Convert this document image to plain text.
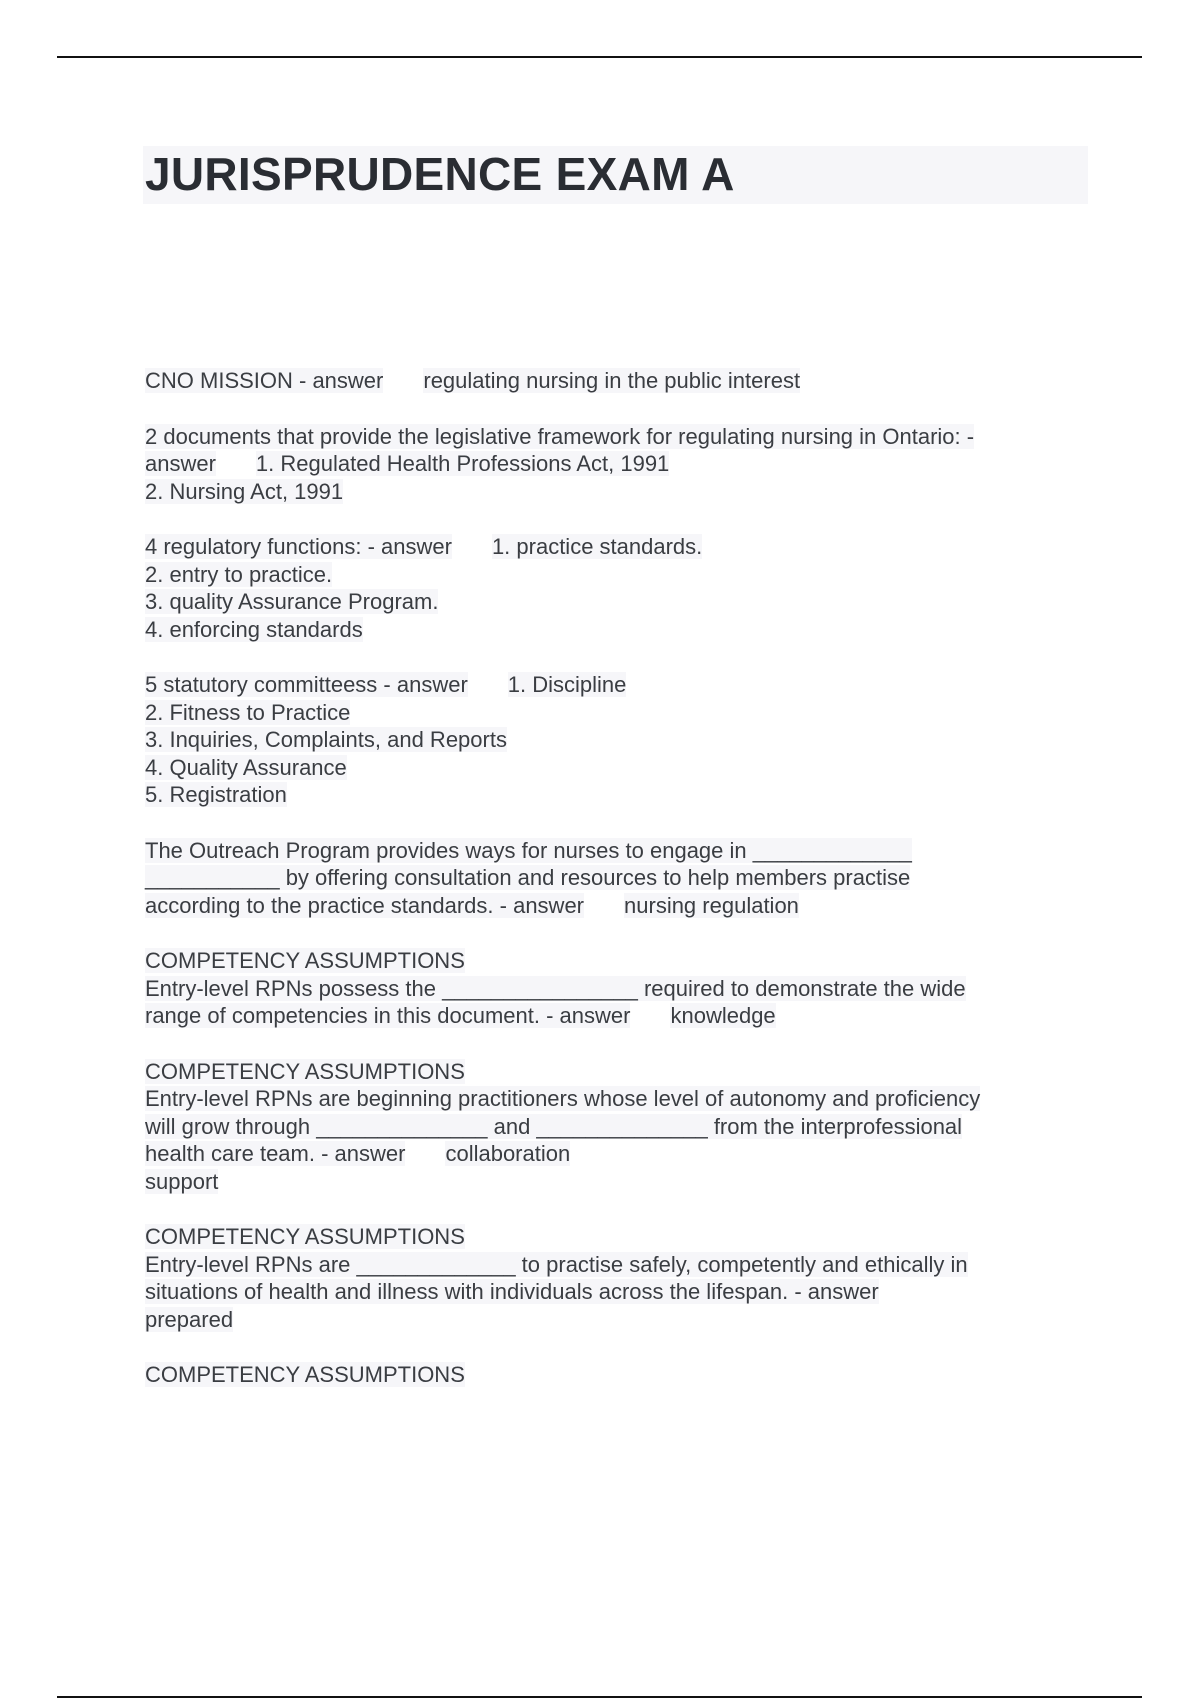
JURISPRUDENCE EXAM A
CNO MISSION - answer regulating nursing in the public interest
2 documents that provide the legislative framework for regulating nursing in Ontario: -
answer 1. Regulated Health Professions Act, 1991
2. Nursing Act, 1991
4 regulatory functions: - answer 1. practice standards.
2. entry to practice.
3. quality Assurance Program.
4. enforcing standards
5 statutory committeess - answer 1. Discipline
2. Fitness to Practice
3. Inquiries, Complaints, and Reports
4. Quality Assurance
5. Registration
The Outreach Program provides ways for nurses to engage in _____________
___________ by offering consultation and resources to help members practise
according to the practice standards. - answer nursing regulation
COMPETENCY ASSUMPTIONS
Entry-level RPNs possess the ________________ required to demonstrate the wide
range of competencies in this document. - answer knowledge
COMPETENCY ASSUMPTIONS
Entry-level RPNs are beginning practitioners whose level of autonomy and proficiency
will grow through ______________ and ______________ from the interprofessional
health care team. - answer collaboration
support
COMPETENCY ASSUMPTIONS
Entry-level RPNs are _____________ to practise safely, competently and ethically in
situations of health and illness with individuals across the lifespan. - answer
prepared
COMPETENCY ASSUMPTIONS
